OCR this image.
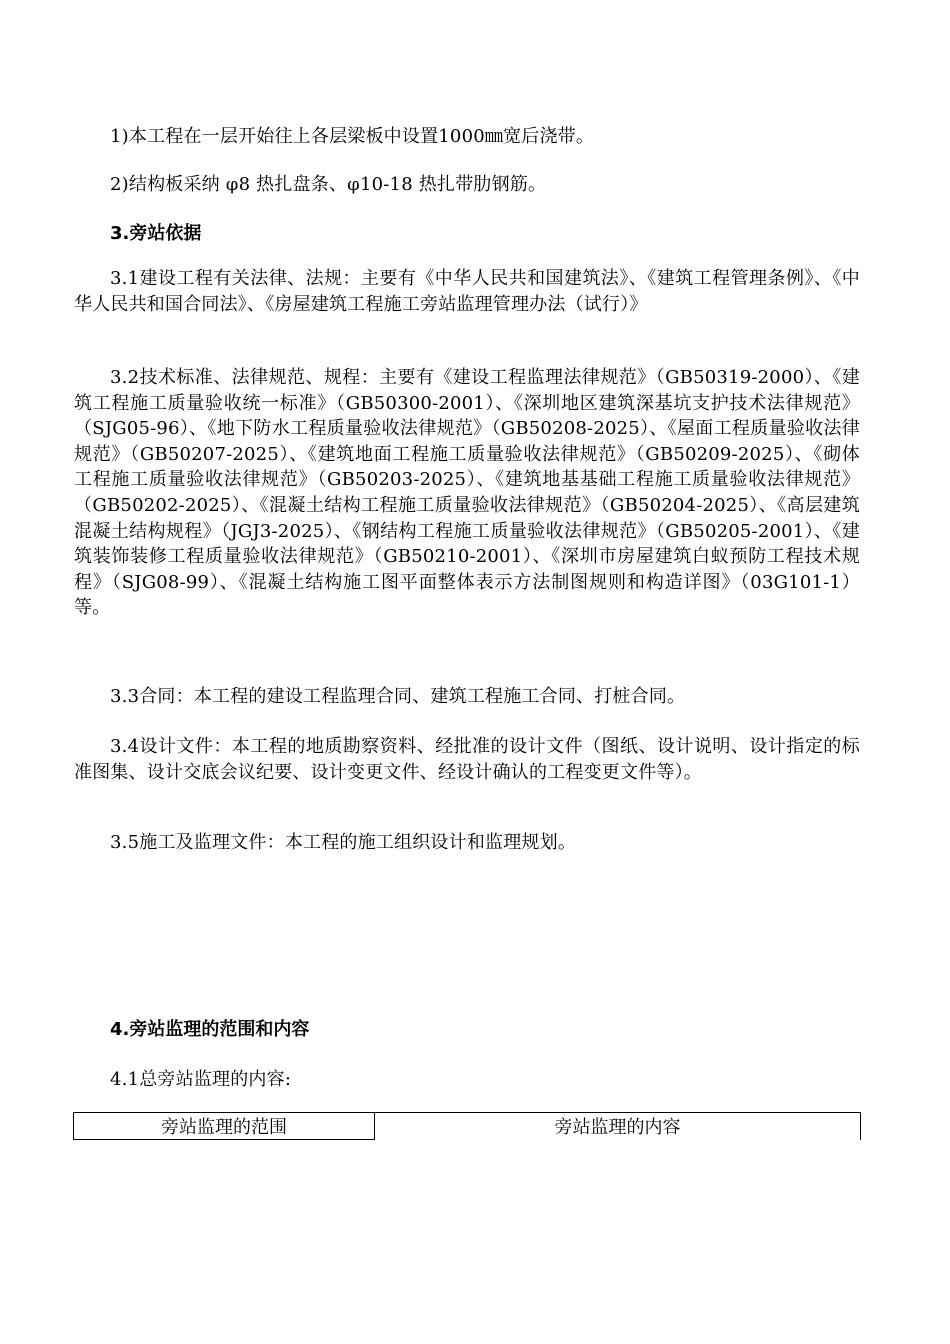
1)本工程在一层开始往上各层梁板中设置1000㎜宽后浇带。

2)结构板采纳 φ8 热扎盘条、φ10-18 热扎带肋钢筋。

3.旁站依据

3.1建设工程有关法律、法规：主要有《中华人民共和国建筑法》、《建筑工程管理条例》、《中华人民共和国合同法》、《房屋建筑工程施工旁站监理管理办法（试行）》

3.2技术标准、法律规范、规程：主要有《建设工程监理法律规范》（GB50319-2000）、《建筑工程施工质量验收统一标准》（GB50300-2001）、《深圳地区建筑深基坑支护技术法律规范》（SJG05-96）、《地下防水工程质量验收法律规范》（GB50208-2025）、《屋面工程质量验收法律规范》（GB50207-2025）、《建筑地面工程施工质量验收法律规范》（GB50209-2025）、《砌体工程施工质量验收法律规范》（GB50203-2025）、《建筑地基基础工程施工质量验收法律规范》（GB50202-2025）、《混凝土结构工程施工质量验收法律规范》（GB50204-2025）、《高层建筑混凝土结构规程》（JGJ3-2025）、《钢结构工程施工质量验收法律规范》（GB50205-2001）、《建筑装饰装修工程质量验收法律规范》（GB50210-2001）、《深圳市房屋建筑白蚁预防工程技术规程》（SJG08-99）、《混凝土结构施工图平面整体表示方法制图规则和构造详图》（03G101-1）等。

3.3合同：本工程的建设工程监理合同、建筑工程施工合同、打桩合同。

3.4设计文件：本工程的地质勘察资料、经批准的设计文件（图纸、设计说明、设计指定的标准图集、设计交底会议纪要、设计变更文件、经设计确认的工程变更文件等）。

3.5施工及监理文件：本工程的施工组织设计和监理规划。

4.旁站监理的范围和内容

4.1总旁站监理的内容:

旁站监理的范围	旁站监理的内容
